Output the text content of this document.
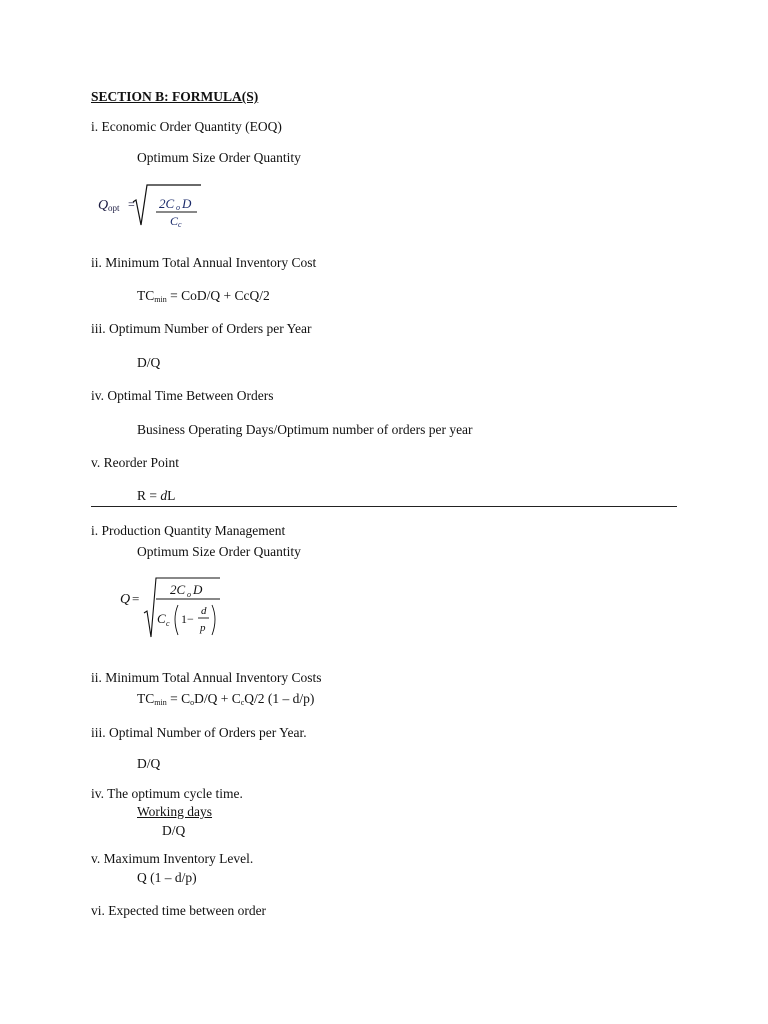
SECTION B: FORMULA(S)
i. Economic Order Quantity (EOQ)
Optimum Size Order Quantity
Q opt = 2C o D
C c
ii. Minimum Total Annual Inventory Cost
$TC_{min} = CoD/Q + CcQ/2$
iii. Optimum Number of Orders per Year
D/Q
iv. Optimal Time Between Orders
Business Operating Days/Optimum number of orders per year
v. Reorder Point
R = dL
i. Production Quantity Management
Optimum Size Order Quantity
Q =
2C o D
C c 1−
d
p
ii. Minimum Total Annual Inventory Costs
$TC_{min} = C_oD/Q + C_cQ/2$ (1 – d/p)
iii. Optimal Number of Orders per Year.
D/Q
iv. The optimum cycle time.
Working days
D/Q
v. Maximum Inventory Level.
Q (1 – d/p)
vi. Expected time between order
